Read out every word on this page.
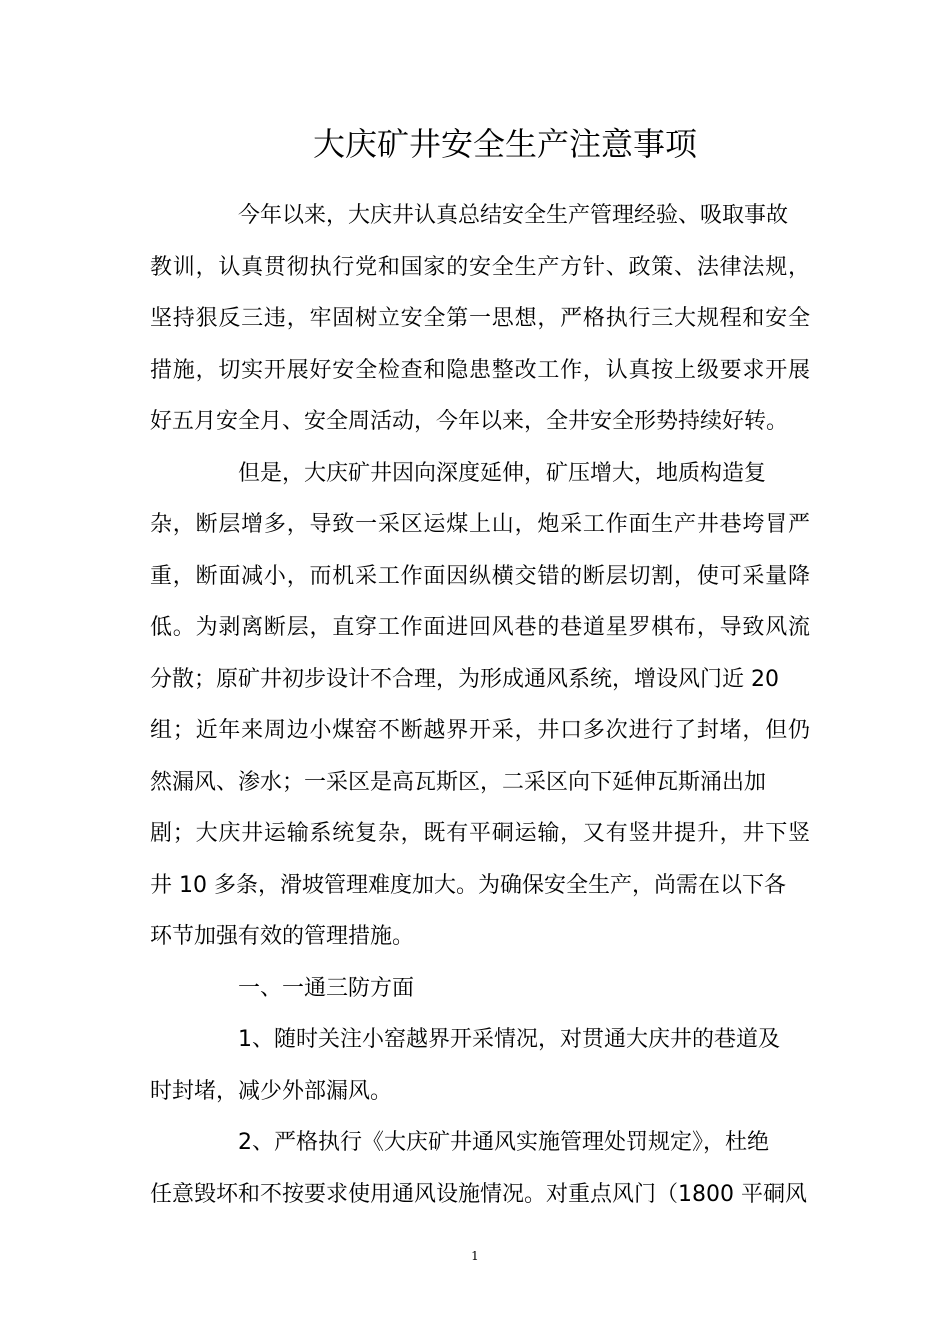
大庆矿井安全生产注意事项
今年以来，大庆井认真总结安全生产管理经验、吸取事故
教训，认真贯彻执行党和国家的安全生产方针、政策、法律法规，
坚持狠反三违，牢固树立安全第一思想，严格执行三大规程和安全
措施，切实开展好安全检查和隐患整改工作，认真按上级要求开展
好五月安全月、安全周活动，今年以来，全井安全形势持续好转。
但是，大庆矿井因向深度延伸，矿压增大，地质构造复
杂，断层增多，导致一采区运煤上山，炮采工作面生产井巷垮冒严
重，断面减小，而机采工作面因纵横交错的断层切割，使可采量降
低。为剥离断层，直穿工作面进回风巷的巷道星罗棋布，导致风流
分散；原矿井初步设计不合理，为形成通风系统，增设风门近 20
组；近年来周边小煤窑不断越界开采，井口多次进行了封堵，但仍
然漏风、渗水；一采区是高瓦斯区，二采区向下延伸瓦斯涌出加
剧；大庆井运输系统复杂，既有平硐运输，又有竖井提升，井下竖
井 10 多条，滑坡管理难度加大。为确保安全生产，尚需在以下各
环节加强有效的管理措施。
一、一通三防方面
1、随时关注小窑越界开采情况，对贯通大庆井的巷道及
时封堵，减少外部漏风。
2、严格执行《大庆矿井通风实施管理处罚规定》，杜绝
任意毁坏和不按要求使用通风设施情况。对重点风门（1800 平硐风
1
